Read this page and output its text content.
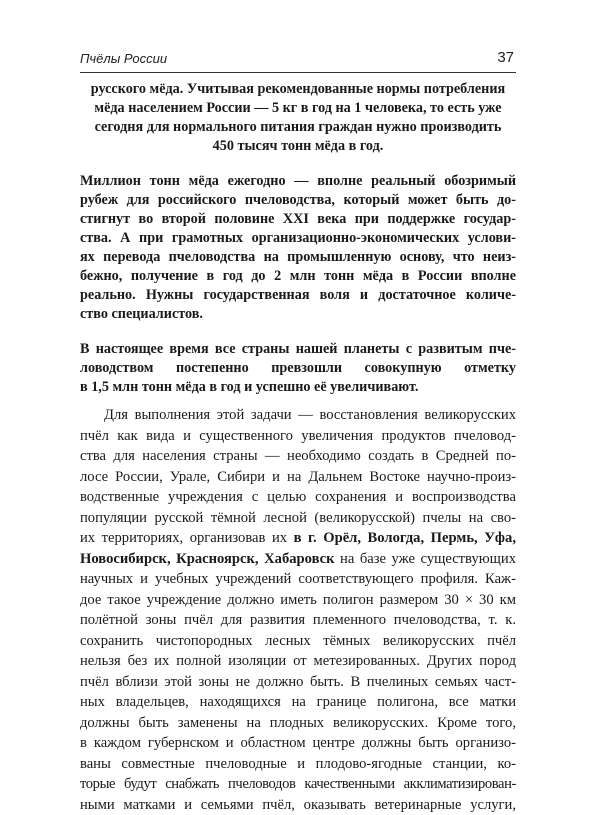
Пчёлы России	37
русского мёда. Учитывая рекомендованные нормы потребления
мёда населением России — 5 кг в год на 1 человека, то есть уже
сегодня для нормального питания граждан нужно производить
450 тысяч тонн мёда в год.
Миллион тонн мёда ежегодно — вполне реальный обозримый
рубеж для российского пчеловодства, который может быть до-
стигнут во второй половине XXI века при поддержке государ-
ства. А при грамотных организационно-экономических услови-
ях перевода пчеловодства на промышленную основу, что неиз-
бежно, получение в год до 2 млн тонн мёда в России вполне
реально. Нужны государственная воля и достаточное количе-
ство специалистов.
В настоящее время все страны нашей планеты с развитым пче-
ловодством постепенно превзошли совокупную отметку
в 1,5 млн тонн мёда в год и успешно её увеличивают.
Для выполнения этой задачи — восстановления великорусских
пчёл как вида и существенного увеличения продуктов пчеловод-
ства для населения страны — необходимо создать в Средней по-
лосе России, Урале, Сибири и на Дальнем Востоке научно-произ-
водственные учреждения с целью сохранения и воспроизводства
популяции русской тёмной лесной (великорусской) пчелы на сво-
их территориях, организовав их в г. Орёл, Вологда, Пермь, Уфа,
Новосибирск, Красноярск, Хабаровск на базе уже существующих
научных и учебных учреждений соответствующего профиля. Каж-
дое такое учреждение должно иметь полигон размером 30 × 30 км
полётной зоны пчёл для развития племенного пчеловодства, т. к.
сохранить чистопородных лесных тёмных великорусских пчёл
нельзя без их полной изоляции от метезированных. Других пород
пчёл вблизи этой зоны не должно быть. В пчелиных семьях част-
ных владельцев, находящихся на границе полигона, все матки
должны быть заменены на плодных великорусских. Кроме того,
в каждом губернском и областном центре должны быть организо-
ваны совместные пчеловодные и плодово-ягодные станции, ко-
торые будут снабжать пчеловодов качественными акклиматизирован-
ными матками и семьями пчёл, оказывать ветеринарные услуги,
